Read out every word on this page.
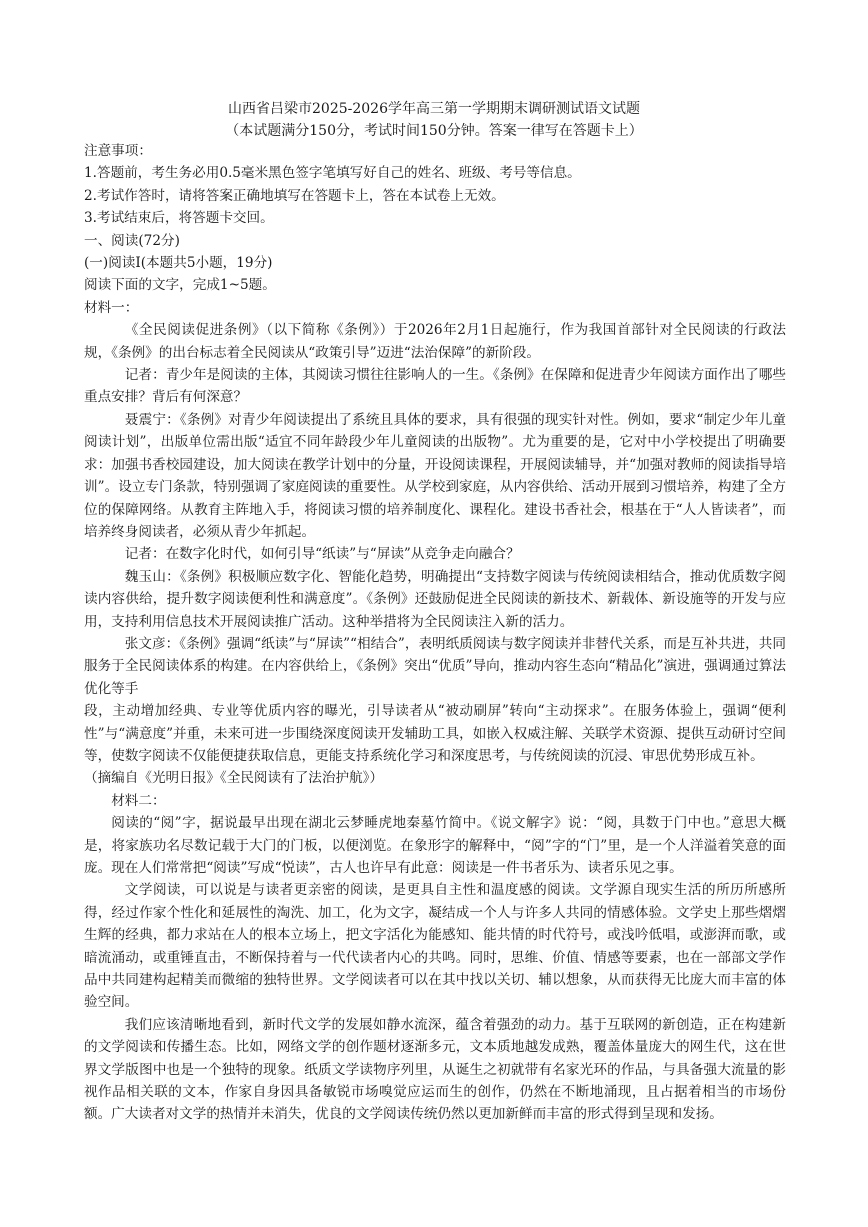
山西省吕梁市2025-2026学年高三第一学期期末调研测试语文试题
（本试题满分150分，考试时间150分钟。答案一律写在答题卡上）

注意事项：

1.答题前，考生务必用0.5毫米黑色签字笔填写好自己的姓名、班级、考号等信息。

2.考试作答时，请将答案正确地填写在答题卡上，答在本试卷上无效。

3.考试结束后，将答题卡交回。

一、阅读(72分)

(一)阅读Ⅰ(本题共5小题，19分)

阅读下面的文字，完成1~5题。

材料一：

《全民阅读促进条例》（以下简称《条例》）于2026年2月1日起施行，作为我国首部针对全民阅读的行政法规，《条例》的出台标志着全民阅读从“政策引导”迈进“法治保障”的新阶段。

记者：青少年是阅读的主体，其阅读习惯往往影响人的一生。《条例》在保障和促进青少年阅读方面作出了哪些重点安排？背后有何深意？

聂震宁：《条例》对青少年阅读提出了系统且具体的要求，具有很强的现实针对性。例如，要求“制定少年儿童阅读计划”，出版单位需出版“适宜不同年龄段少年儿童阅读的出版物”。尤为重要的是，它对中小学校提出了明确要求：加强书香校园建设，加大阅读在教学计划中的分量，开设阅读课程，开展阅读辅导，并“加强对教师的阅读指导培训”。设立专门条款，特别强调了家庭阅读的重要性。从学校到家庭，从内容供给、活动开展到习惯培养，构建了全方位的保障网络。从教育主阵地入手，将阅读习惯的培养制度化、课程化。建设书香社会，根基在于“人人皆读者”，而培养终身阅读者，必须从青少年抓起。

记者：在数字化时代，如何引导“纸读”与“屏读”从竞争走向融合？

魏玉山：《条例》积极顺应数字化、智能化趋势，明确提出“支持数字阅读与传统阅读相结合，推动优质数字阅读内容供给，提升数字阅读便利性和满意度”。《条例》还鼓励促进全民阅读的新技术、新载体、新设施等的开发与应用，支持利用信息技术开展阅读推广活动。这种举措将为全民阅读注入新的活力。

张文彦：《条例》强调“纸读”与“屏读”“相结合”，表明纸质阅读与数字阅读并非替代关系，而是互补共进，共同服务于全民阅读体系的构建。在内容供给上，《条例》突出“优质”导向，推动内容生态向“精品化”演进，强调通过算法优化等手

段，主动增加经典、专业等优质内容的曝光，引导读者从“被动刷屏”转向“主动探求”。在服务体验上，强调“便利性”与“满意度”并重，未来可进一步围绕深度阅读开发辅助工具，如嵌入权威注解、关联学术资源、提供互动研讨空间等，使数字阅读不仅能便捷获取信息，更能支持系统化学习和深度思考，与传统阅读的沉浸、审思优势形成互补。

（摘编自《光明日报》《全民阅读有了法治护航》）

材料二：

阅读的“阅”字，据说最早出现在湖北云梦睡虎地秦墓竹简中。《说文解字》说：“阅，具数于门中也。”意思大概是，将家族功名尽数记载于大门的门板，以便浏览。在象形字的解释中，“阅”字的“门”里，是一个人洋溢着笑意的面庞。现在人们常常把“阅读”写成“悦读”，古人也许早有此意：阅读是一件书者乐为、读者乐见之事。

文学阅读，可以说是与读者更亲密的阅读，是更具自主性和温度感的阅读。文学源自现实生活的所历所感所得，经过作家个性化和延展性的淘洗、加工，化为文字，凝结成一个人与许多人共同的情感体验。文学史上那些熠熠生辉的经典，都力求站在人的根本立场上，把文字活化为能感知、能共情的时代符号，或浅吟低唱，或澎湃而歌，或暗流涌动，或重锤直击，不断保持着与一代代读者内心的共鸣。同时，思维、价值、情感等要素，也在一部部文学作品中共同建构起精美而微缩的独特世界。文学阅读者可以在其中找以关切、辅以想象，从而获得无比庞大而丰富的体验空间。

我们应该清晰地看到，新时代文学的发展如静水流深，蕴含着强劲的动力。基于互联网的新创造，正在构建新的文学阅读和传播生态。比如，网络文学的创作题材逐渐多元，文本质地越发成熟，覆盖体量庞大的网生代，这在世界文学版图中也是一个独特的现象。纸质文学读物序列里，从诞生之初就带有名家光环的作品，与具备强大流量的影视作品相关联的文本，作家自身因具备敏锐市场嗅觉应运而生的创作，仍然在不断地涌现，且占据着相当的市场份额。广大读者对文学的热情并未消失，优良的文学阅读传统仍然以更加新鲜而丰富的形式得到呈现和发扬。
